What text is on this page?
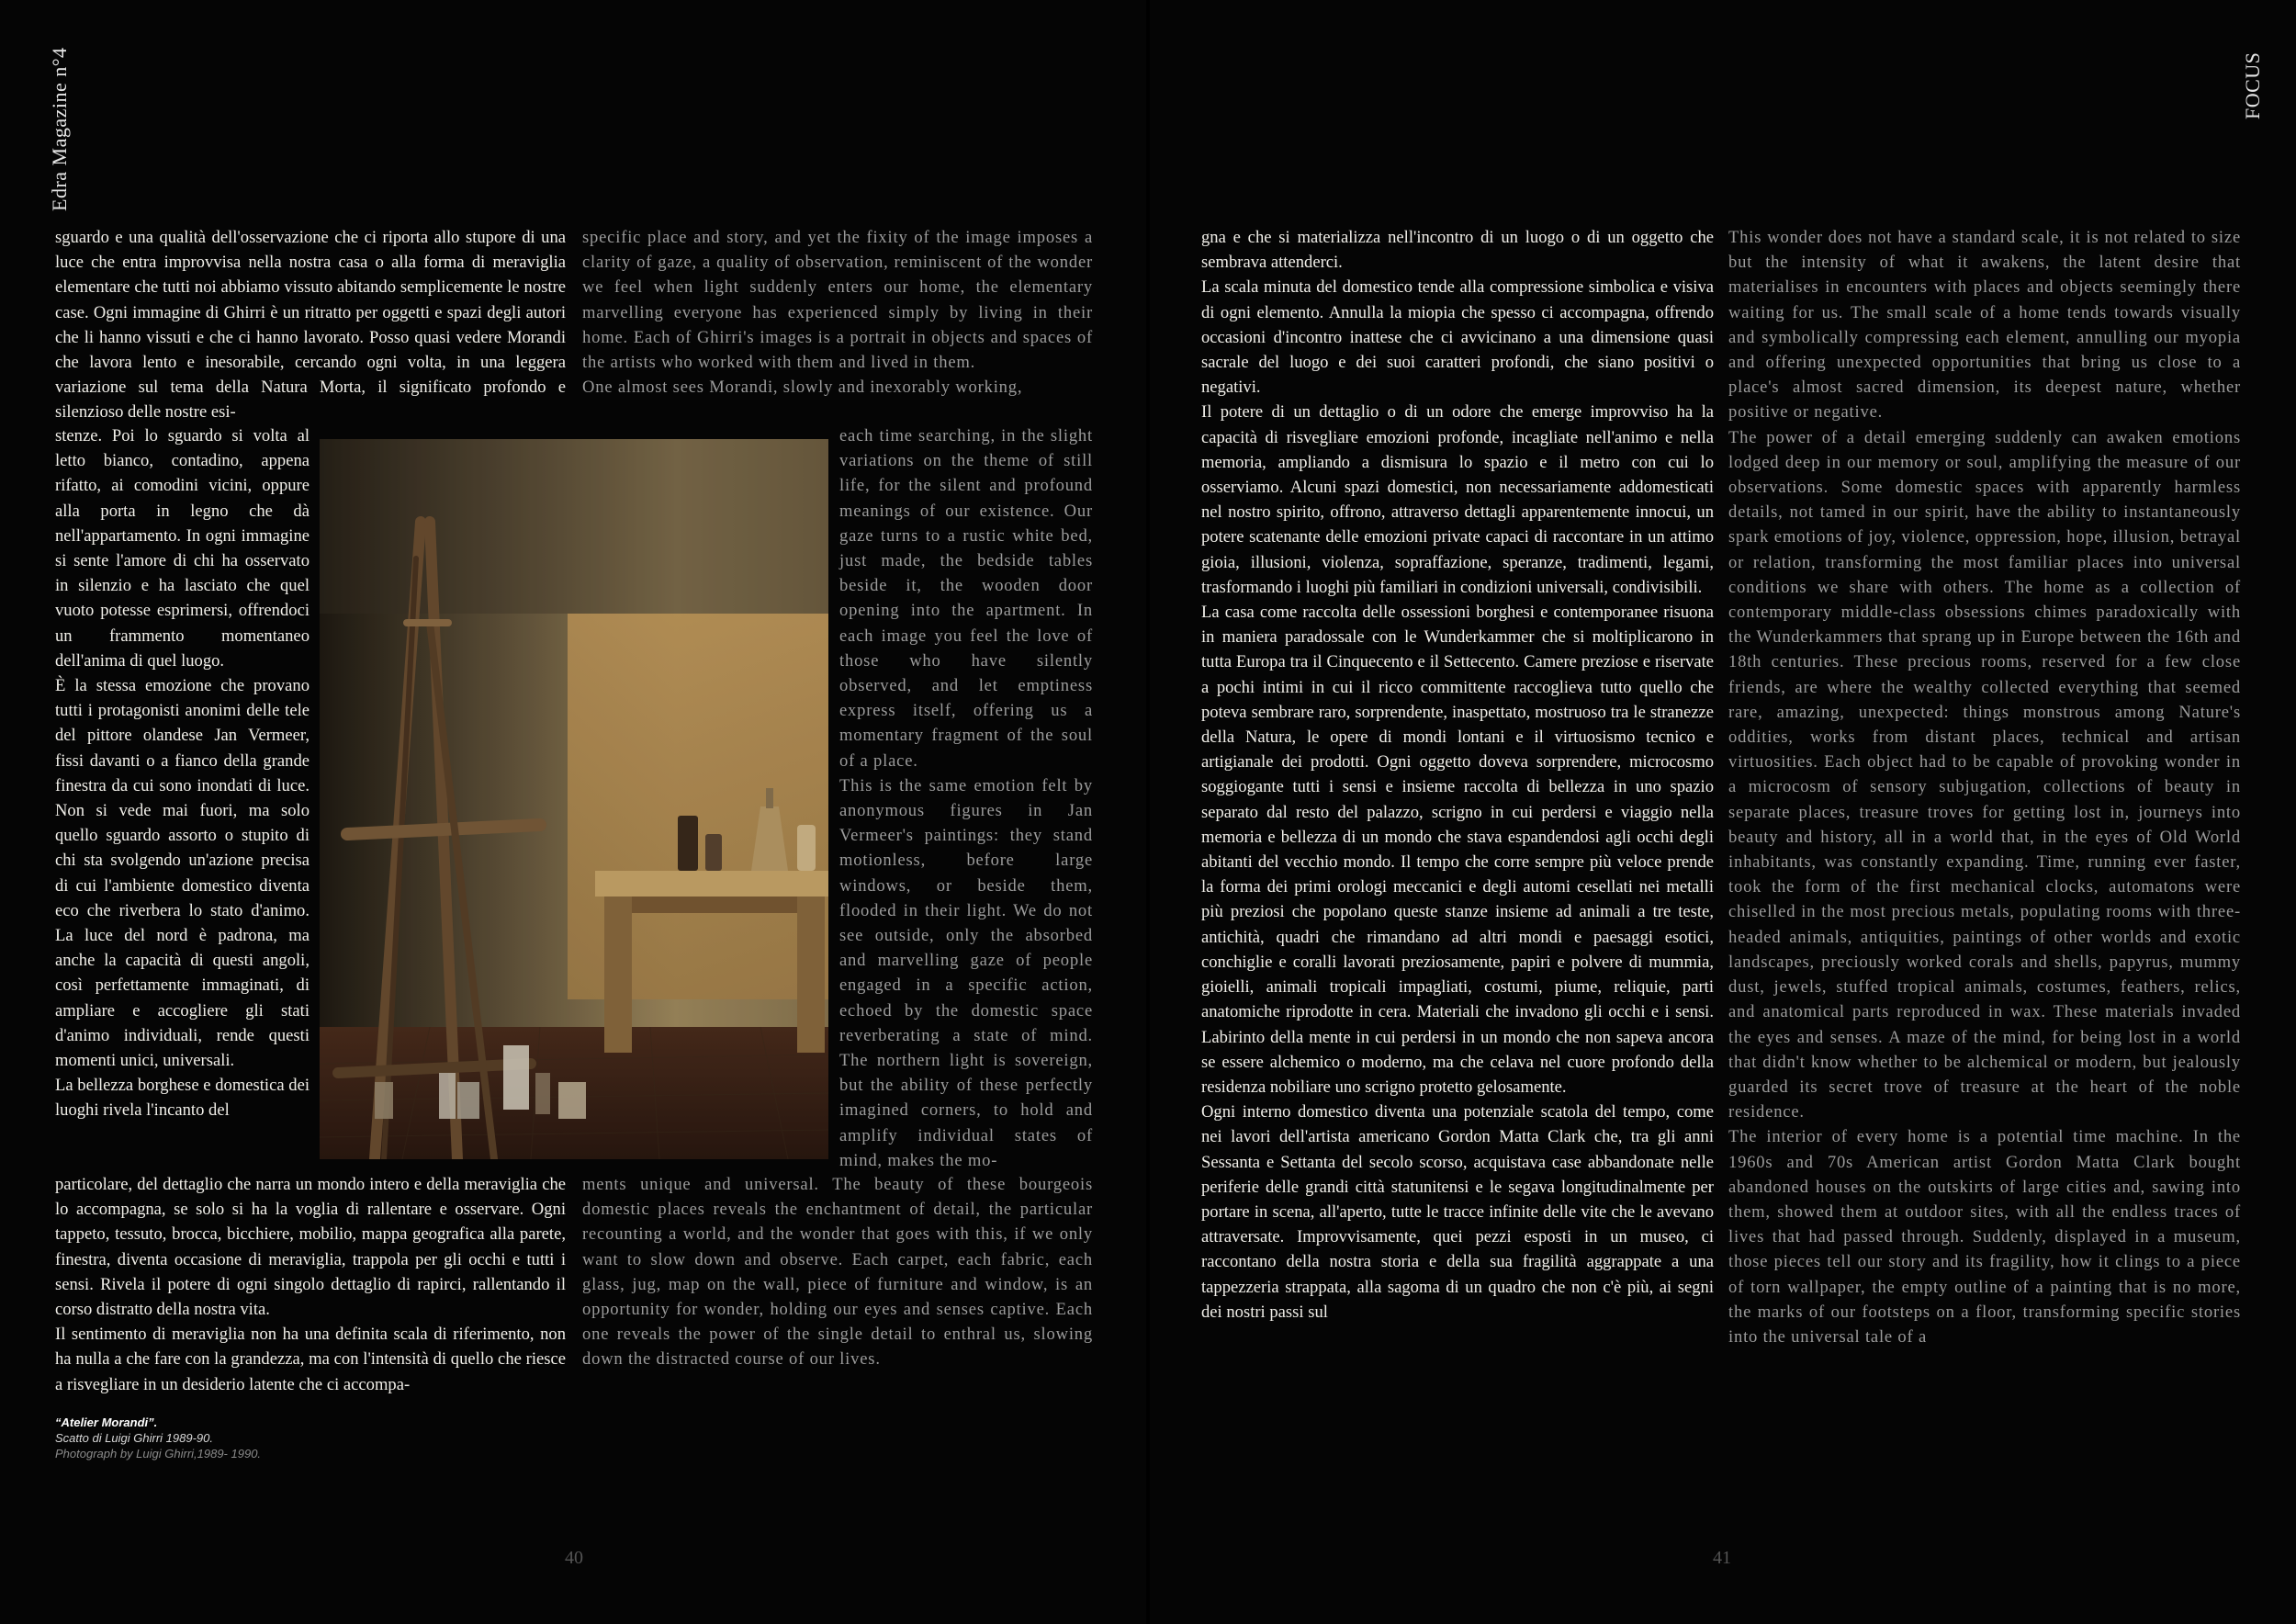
Edra Magazine n°4	FOCUS

sguardo e una qualità dell'osservazione che ci riporta allo stupore di una luce che entra improvvisa nella nostra casa o alla forma di meraviglia elementare che tutti noi abbiamo vissuto abitando semplicemente le nostre case. Ogni immagine di Ghirri è un ritratto per oggetti e spazi degli autori che li hanno vissuti e che ci hanno lavorato. Posso quasi vedere Morandi che lavora lento e inesorabile, cercando ogni volta, in una leggera variazione sul tema della Natura Morta, il significato profondo e silenzioso delle nostre esi-

stenze. Poi lo sguardo si volta al letto bianco, contadino, appena rifatto, ai comodini vicini, oppure alla porta in legno che dà nell'appartamento. In ogni immagine si sente l'amore di chi ha osservato in silenzio e ha lasciato che quel vuoto potesse esprimersi, offrendoci un frammento momentaneo dell'anima di quel luogo.

È la stessa emozione che provano tutti i protagonisti anonimi delle tele del pittore olandese Jan Vermeer, fissi davanti o a fianco della grande finestra da cui sono inondati di luce. Non si vede mai fuori, ma solo quello sguardo assorto o stupito di chi sta svolgendo un'azione precisa di cui l'ambiente domestico diventa eco che riverbera lo stato d'animo. La luce del nord è padrona, ma anche la capacità di questi angoli, così perfettamente immaginati, di ampliare e accogliere gli stati d'animo individuali, rende questi momenti unici, universali.

La bellezza borghese e domestica dei luoghi rivela l'incanto del

particolare, del dettaglio che narra un mondo intero e della meraviglia che lo accompagna, se solo si ha la voglia di rallentare e osservare. Ogni tappeto, tessuto, brocca, bicchiere, mobilio, mappa geografica alla parete, finestra, diventa occasione di meraviglia, trappola per gli occhi e tutti i sensi. Rivela il potere di ogni singolo dettaglio di rapirci, rallentando il corso distratto della nostra vita.

Il sentimento di meraviglia non ha una definita scala di riferimento, non ha nulla a che fare con la grandezza, ma con l'intensità di quello che riesce a risvegliare in un desiderio latente che ci accompa-

specific place and story, and yet the fixity of the image imposes a clarity of gaze, a quality of observation, reminiscent of the wonder we feel when light suddenly enters our home, the elementary marvelling everyone has experienced simply by living in their home. Each of Ghirri's images is a portrait in objects and spaces of the artists who worked with them and lived in them.

One almost sees Morandi, slowly and inexorably working,

each time searching, in the slight variations on the theme of still life, for the silent and profound meanings of our existence. Our gaze turns to a rustic white bed, just made, the bedside tables beside it, the wooden door opening into the apartment. In each image you feel the love of those who have silently observed, and let emptiness express itself, offering us a momentary fragment of the soul of a place.

This is the same emotion felt by anonymous figures in Jan Vermeer's paintings: they stand motionless, before large windows, or beside them, flooded in their light. We do not see outside, only the absorbed and marvelling gaze of people engaged in a specific action, echoed by the domestic space reverberating a state of mind. The northern light is sovereign, but the ability of these perfectly imagined corners, to hold and amplify individual states of mind, makes the mo-

ments unique and universal. The beauty of these bourgeois domestic places reveals the enchantment of detail, the particular recounting a world, and the wonder that goes with this, if we only want to slow down and observe. Each carpet, each fabric, each glass, jug, map on the wall, piece of furniture and window, is an opportunity for wonder, holding our eyes and senses captive. Each one reveals the power of the single detail to enthral us, slowing down the distracted course of our lives.

“Atelier Morandi”.
Scatto di Luigi Ghirri 1989-90.
Photograph by Luigi Ghirri,1989- 1990.
40

gna e che si materializza nell'incontro di un luogo o di un oggetto che sembrava attenderci.

La scala minuta del domestico tende alla compressione simbolica e visiva di ogni elemento. Annulla la miopia che spesso ci accompagna, offrendo occasioni d'incontro inattese che ci avvicinano a una dimensione quasi sacrale del luogo e dei suoi caratteri profondi, che siano positivi o negativi.

Il potere di un dettaglio o di un odore che emerge improvviso ha la capacità di risvegliare emozioni profonde, incagliate nell'animo e nella memoria, ampliando a dismisura lo spazio e il metro con cui lo osserviamo. Alcuni spazi domestici, non necessariamente addomesticati nel nostro spirito, offrono, attraverso dettagli apparentemente innocui, un potere scatenante delle emozioni private capaci di raccontare in un attimo gioia, illusioni, violenza, sopraffazione, speranze, tradimenti, legami, trasformando i luoghi più familiari in condizioni universali, condivisibili.

La casa come raccolta delle ossessioni borghesi e contemporanee risuona in maniera paradossale con le Wunderkammer che si moltiplicarono in tutta Europa tra il Cinquecento e il Settecento. Camere preziose e riservate a pochi intimi in cui il ricco committente raccoglieva tutto quello che poteva sembrare raro, sorprendente, inaspettato, mostruoso tra le stranezze della Natura, le opere di mondi lontani e il virtuosismo tecnico e artigianale dei prodotti. Ogni oggetto doveva sorprendere, microcosmo soggiogante tutti i sensi e insieme raccolta di bellezza in uno spazio separato dal resto del palazzo, scrigno in cui perdersi e viaggio nella memoria e bellezza di un mondo che stava espandendosi agli occhi degli abitanti del vecchio mondo. Il tempo che corre sempre più veloce prende la forma dei primi orologi meccanici e degli automi cesellati nei metalli più preziosi che popolano queste stanze insieme ad animali a tre teste, antichità, quadri che rimandano ad altri mondi e paesaggi esotici, conchiglie e coralli lavorati preziosamente, papiri e polvere di mummia, gioielli, animali tropicali impagliati, costumi, piume, reliquie, parti anatomiche riprodotte in cera. Materiali che invadono gli occhi e i sensi. Labirinto della mente in cui perdersi in un mondo che non sapeva ancora se essere alchemico o moderno, ma che celava nel cuore profondo della residenza nobiliare uno scrigno protetto gelosamente.

Ogni interno domestico diventa una potenziale scatola del tempo, come nei lavori dell'artista americano Gordon Matta Clark che, tra gli anni Sessanta e Settanta del secolo scorso, acquistava case abbandonate nelle periferie delle grandi città statunitensi e le segava longitudinalmente per portare in scena, all'aperto, tutte le tracce infinite delle vite che le avevano attraversate. Improvvisamente, quei pezzi esposti in un museo, ci raccontano della nostra storia e della sua fragilità aggrappate a una tappezzeria strappata, alla sagoma di un quadro che non c'è più, ai segni dei nostri passi sul

This wonder does not have a standard scale, it is not related to size but the intensity of what it awakens, the latent desire that materialises in encounters with places and objects seemingly there waiting for us. The small scale of a home tends towards visually and symbolically compressing each element, annulling our myopia and offering unexpected opportunities that bring us close to a place's almost sacred dimension, its deepest nature, whether positive or negative.

The power of a detail emerging suddenly can awaken emotions lodged deep in our memory or soul, amplifying the measure of our observations. Some domestic spaces with apparently harmless details, not tamed in our spirit, have the ability to instantaneously spark emotions of joy, violence, oppression, hope, illusion, betrayal or relation, transforming the most familiar places into universal conditions we share with others. The home as a collection of contemporary middle-class obsessions chimes paradoxically with the Wunderkammers that sprang up in Europe between the 16th and 18th centuries. These precious rooms, reserved for a few close friends, are where the wealthy collected everything that seemed rare, amazing, unexpected: things monstrous among Nature's oddities, works from distant places, technical and artisan virtuosities. Each object had to be capable of provoking wonder in a microcosm of sensory subjugation, collections of beauty in separate places, treasure troves for getting lost in, journeys into beauty and history, all in a world that, in the eyes of Old World inhabitants, was constantly expanding. Time, running ever faster, took the form of the first mechanical clocks, automatons were chiselled in the most precious metals, populating rooms with three-headed animals, antiquities, paintings of other worlds and exotic landscapes, preciously worked corals and shells, papyrus, mummy dust, jewels, stuffed tropical animals, costumes, feathers, relics, and anatomical parts reproduced in wax. These materials invaded the eyes and senses. A maze of the mind, for being lost in a world that didn't know whether to be alchemical or modern, but jealously guarded its secret trove of treasure at the heart of the noble residence.

The interior of every home is a potential time machine. In the 1960s and 70s American artist Gordon Matta Clark bought abandoned houses on the outskirts of large cities and, sawing into them, showed them at outdoor sites, with all the endless traces of lives that had passed through. Suddenly, displayed in a museum, those pieces tell our story and its fragility, how it clings to a piece of torn wallpaper, the empty outline of a painting that is no more, the marks of our footsteps on a floor, transforming specific stories into the universal tale of a

41
